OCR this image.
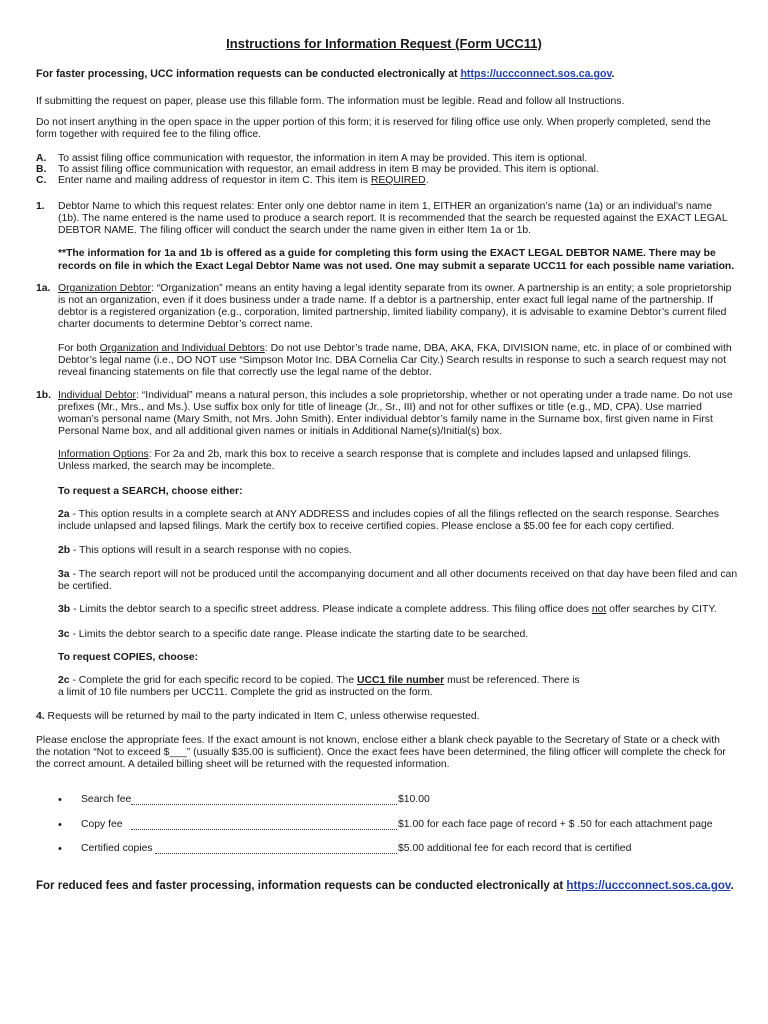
Instructions for Information Request (Form UCC11)
For faster processing, UCC information requests can be conducted electronically at https://uccconnect.sos.ca.gov.
If submitting the request on paper, please use this fillable form. The information must be legible. Read and follow all Instructions.
Do not insert anything in the open space in the upper portion of this form; it is reserved for filing office use only. When properly completed, send the form together with required fee to the filing office.
A. To assist filing office communication with requestor, the information in item A may be provided. This item is optional.
B. To assist filing office communication with requestor, an email address in item B may be provided. This item is optional.
C. Enter name and mailing address of requestor in item C. This item is REQUIRED.
1. Debtor Name to which this request relates: Enter only one debtor name in item 1, EITHER an organization’s name (1a) or an individual’s name (1b). The name entered is the name used to produce a search report. It is recommended that the search be requested against the EXACT LEGAL DEBTOR NAME. The filing officer will conduct the search under the name given in either Item 1a or 1b.
**The information for 1a and 1b is offered as a guide for completing this form using the EXACT LEGAL DEBTOR NAME. There may be records on file in which the Exact Legal Debtor Name was not used. One may submit a separate UCC11 for each possible name variation.
1a. Organization Debtor: “Organization” means an entity having a legal identity separate from its owner. A partnership is an entity; a sole proprietorship is not an organization, even if it does business under a trade name. If a debtor is a partnership, enter exact full legal name of the partnership. If debtor is a registered organization (e.g., corporation, limited partnership, limited liability company), it is advisable to examine Debtor’s current filed charter documents to determine Debtor’s correct name.
For both Organization and Individual Debtors: Do not use Debtor’s trade name, DBA, AKA, FKA, DIVISION name, etc. in place of or combined with Debtor’s legal name (i.e., DO NOT use “Simpson Motor Inc. DBA Cornelia Car City.) Search results in response to such a search request may not reveal financing statements on file that correctly use the legal name of the debtor.
1b. Individual Debtor: “Individual” means a natural person, this includes a sole proprietorship, whether or not operating under a trade name. Do not use prefixes (Mr., Mrs., and Ms.). Use suffix box only for title of lineage (Jr., Sr., III) and not for other suffixes or title (e.g., MD, CPA). Use married woman’s personal name (Mary Smith, not Mrs. John Smith). Enter individual debtor’s family name in the Surname box, first given name in First Personal Name box, and all additional given names or initials in Additional Name(s)/Initial(s) box.
Information Options: For 2a and 2b, mark this box to receive a search response that is complete and includes lapsed and unlapsed filings. Unless marked, the search may be incomplete.
To request a SEARCH, choose either:
2a - This option results in a complete search at ANY ADDRESS and includes copies of all the filings reflected on the search response. Searches include unlapsed and lapsed filings. Mark the certify box to receive certified copies. Please enclose a $5.00 fee for each copy certified.
2b - This options will result in a search response with no copies.
3a - The search report will not be produced until the accompanying document and all other documents received on that day have been filed and can be certified.
3b - Limits the debtor search to a specific street address. Please indicate a complete address. This filing office does not offer searches by CITY.
3c - Limits the debtor search to a specific date range. Please indicate the starting date to be searched.
To request COPIES, choose:
2c - Complete the grid for each specific record to be copied. The UCC1 file number must be referenced. There is a limit of 10 file numbers per UCC11. Complete the grid as instructed on the form.
4. Requests will be returned by mail to the party indicated in Item C, unless otherwise requested.
Please enclose the appropriate fees. If the exact amount is not known, enclose either a blank check payable to the Secretary of State or a check with the notation “Not to exceed $___” (usually $35.00 is sufficient). Once the exact fees have been determined, the filing officer will complete the check for the correct amount. A detailed billing sheet will be returned with the requested information.
• Search fee	$10.00
• Copy fee	$1.00 for each face page of record + $ .50 for each attachment page
• Certified copies	$5.00 additional fee for each record that is certified
For reduced fees and faster processing, information requests can be conducted electronically at https://uccconnect.sos.ca.gov.
